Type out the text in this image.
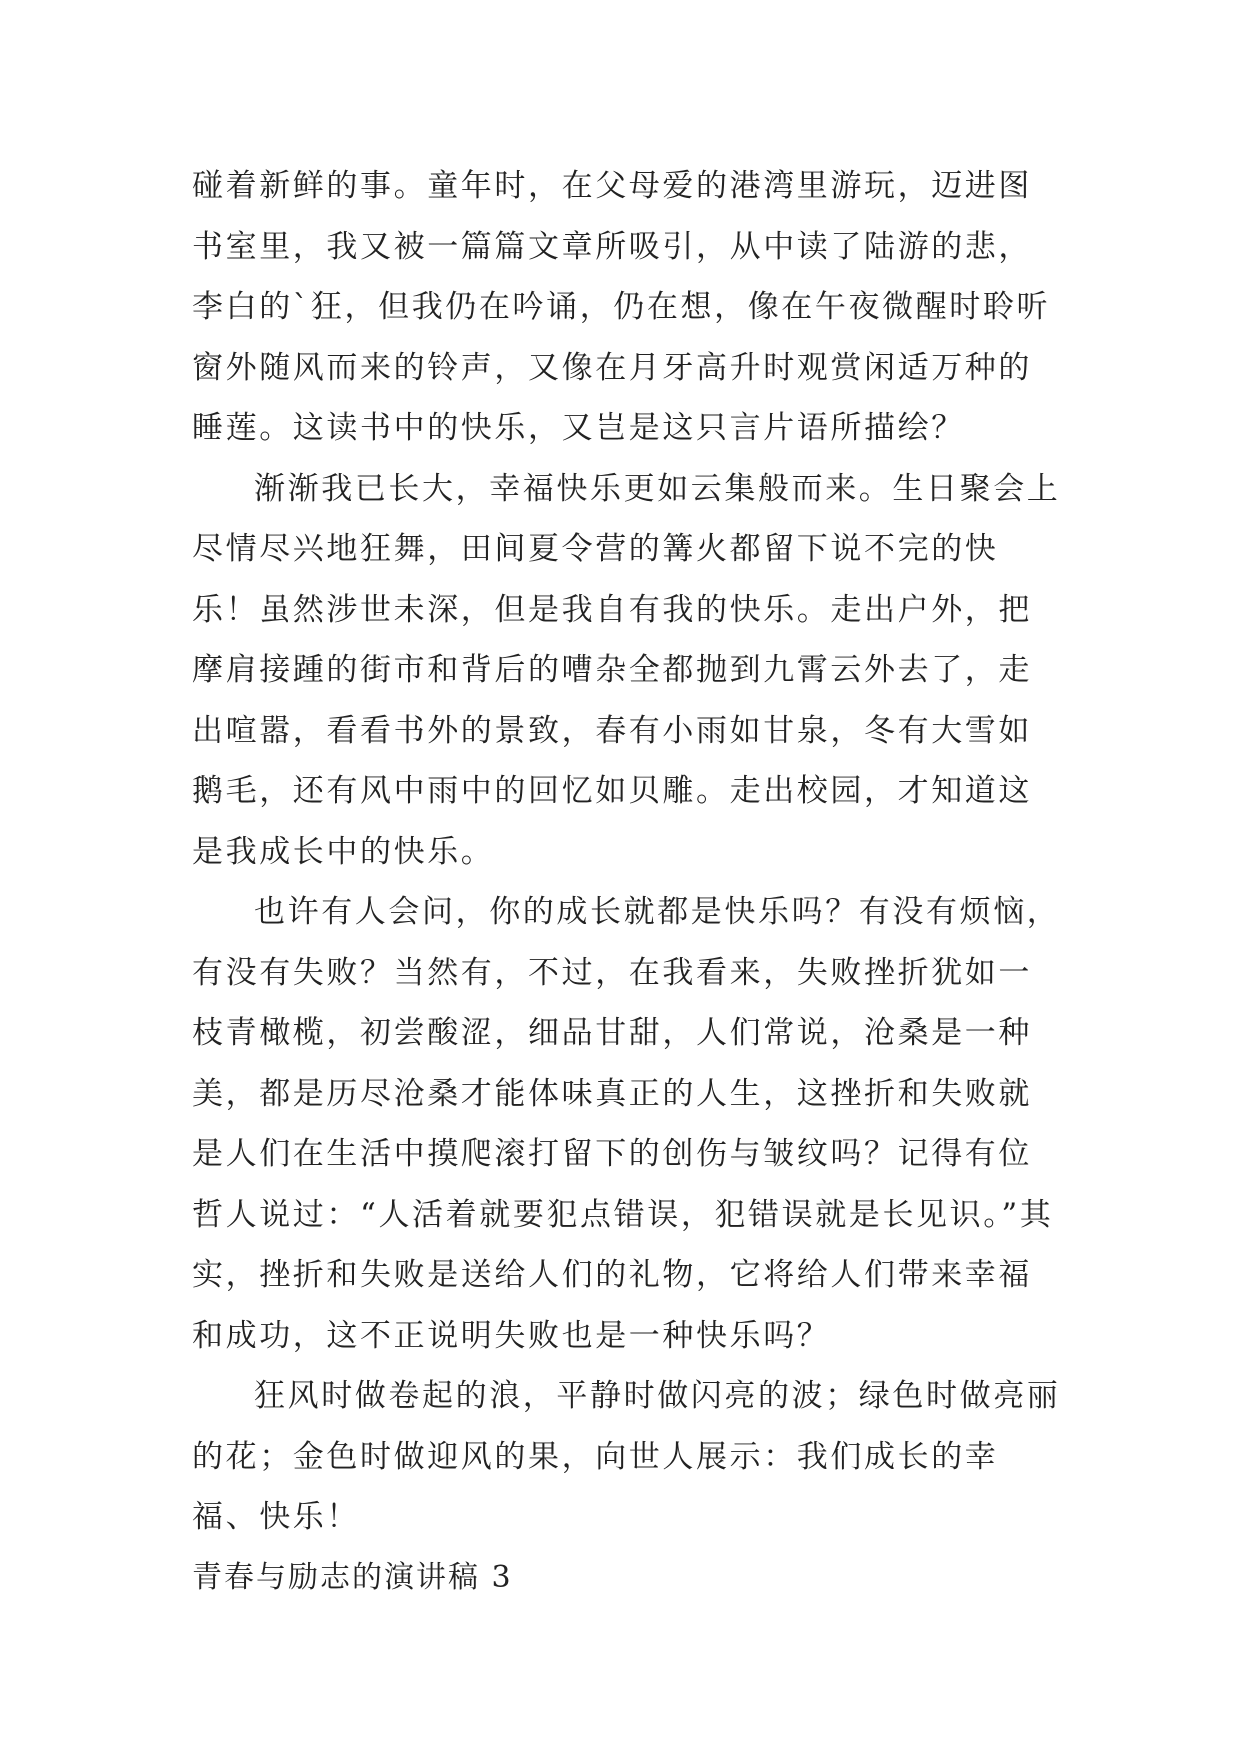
碰着新鲜的事。童年时，在父母爱的港湾里游玩，迈进图书室里，我又被一篇篇文章所吸引，从中读了陆游的悲，李白的`狂，但我仍在吟诵，仍在想，像在午夜微醒时聆听窗外随风而来的铃声，又像在月牙高升时观赏闲适万种的睡莲。这读书中的快乐，又岂是这只言片语所描绘？

渐渐我已长大，幸福快乐更如云集般而来。生日聚会上尽情尽兴地狂舞，田间夏令营的篝火都留下说不完的快乐！虽然涉世未深，但是我自有我的快乐。走出户外，把摩肩接踵的街市和背后的嘈杂全都抛到九霄云外去了，走出喧嚣，看看书外的景致，春有小雨如甘泉，冬有大雪如鹅毛，还有风中雨中的回忆如贝雕。走出校园，才知道这是我成长中的快乐。

也许有人会问，你的成长就都是快乐吗？有没有烦恼，有没有失败？当然有，不过，在我看来，失败挫折犹如一枝青橄榄，初尝酸涩，细品甘甜，人们常说，沧桑是一种美，都是历尽沧桑才能体味真正的人生，这挫折和失败就是人们在生活中摸爬滚打留下的创伤与皱纹吗？记得有位哲人说过：“人活着就要犯点错误，犯错误就是长见识。”其实，挫折和失败是送给人们的礼物，它将给人们带来幸福和成功，这不正说明失败也是一种快乐吗？

狂风时做卷起的浪，平静时做闪亮的波；绿色时做亮丽的花；金色时做迎风的果，向世人展示：我们成长的幸福、快乐！

青春与励志的演讲稿 3
